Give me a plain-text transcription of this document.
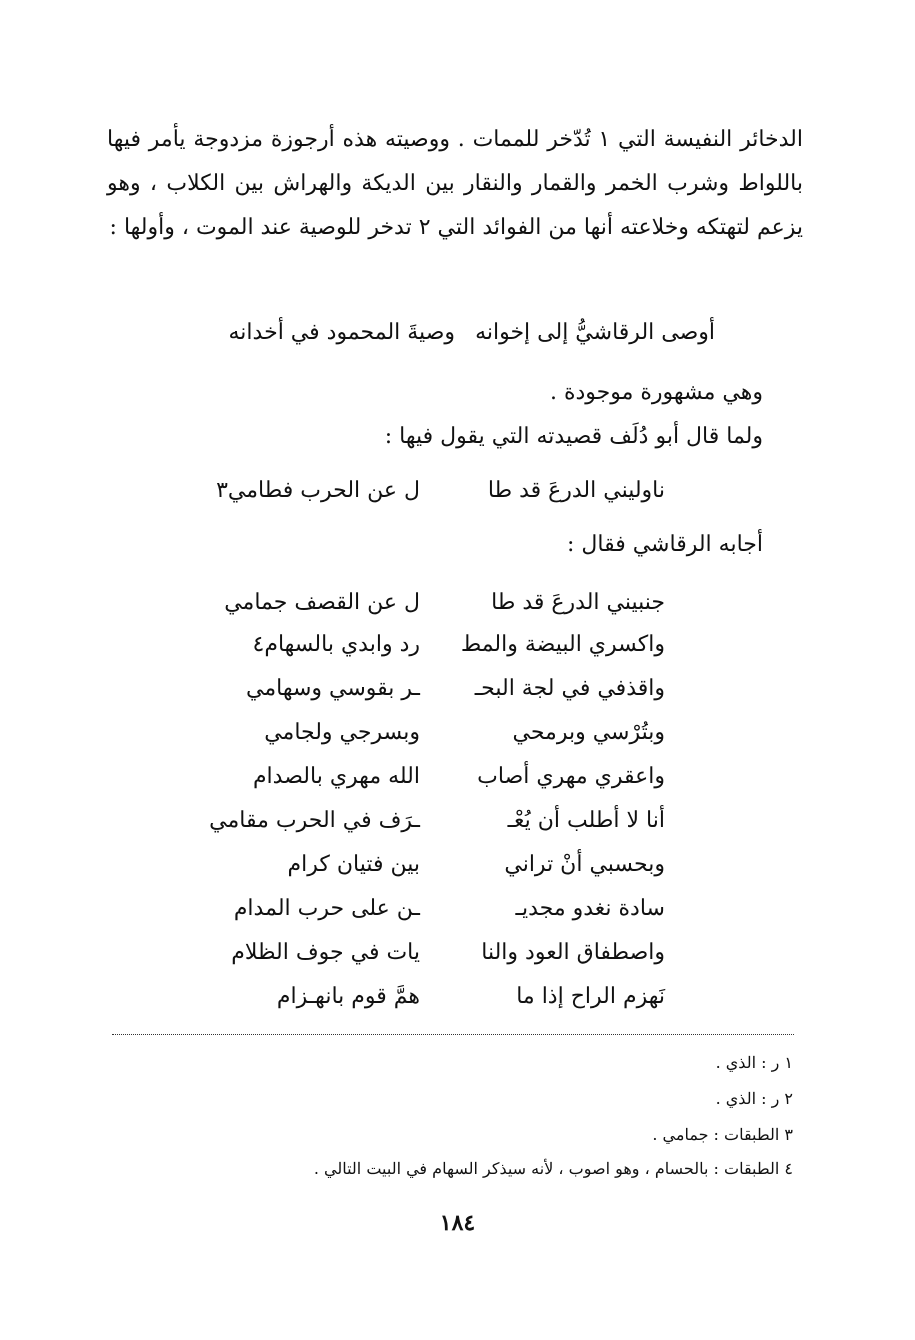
الدخائر النفيسة التي ١ تُدّخر للممات . ووصيته هذه أرجوزة مزدوجة يأمر فيها باللواط وشرب الخمر والقمار والنقار بين الديكة والهراش بين الكلاب ، وهو يزعم لتهتكه وخلاعته أنها من الفوائد التي ٢ تدخر للوصية عند الموت ، وأولها :
أوصى الرقاشيُّ إلى إخوانه
وصيةَ المحمود في أخدانه
وهي مشهورة موجودة .
ولما قال أبو دُلَف قصيدته التي يقول فيها :
ناوليني الدرعَ قد طا
ل عن الحرب فطامي٣
أجابه الرقاشي فقال :
جنبيني الدرعَ قد طا
ل عن القصف جمامي
واكسري البيضة والمط
رد وابدي بالسهام٤
واقذفي في لجة البحـ
ـر بقوسي وسهامي
وبتُرْسي وبرمحي
وبسرجي ولجامي
واعقري مهري أصاب
الله مهري بالصدام
أنا لا أطلب أن يُعْـ
ـرَف في الحرب مقامي
وبحسبي أنْ تراني
بين فتيان كرام
سادة نغدو مجديـ
ـن على حرب المدام
واصطفاق العود والنا
يات في جوف الظلام
نَهزم الراح إذا ما
همَّ قوم بانهـزام
١ ر : الذي .
٢ ر : الذي .
٣ الطبقات : جمامي .
٤ الطبقات : بالحسام ، وهو اصوب ، لأنه سيذكر السهام في البيت التالي .
١٨٤
